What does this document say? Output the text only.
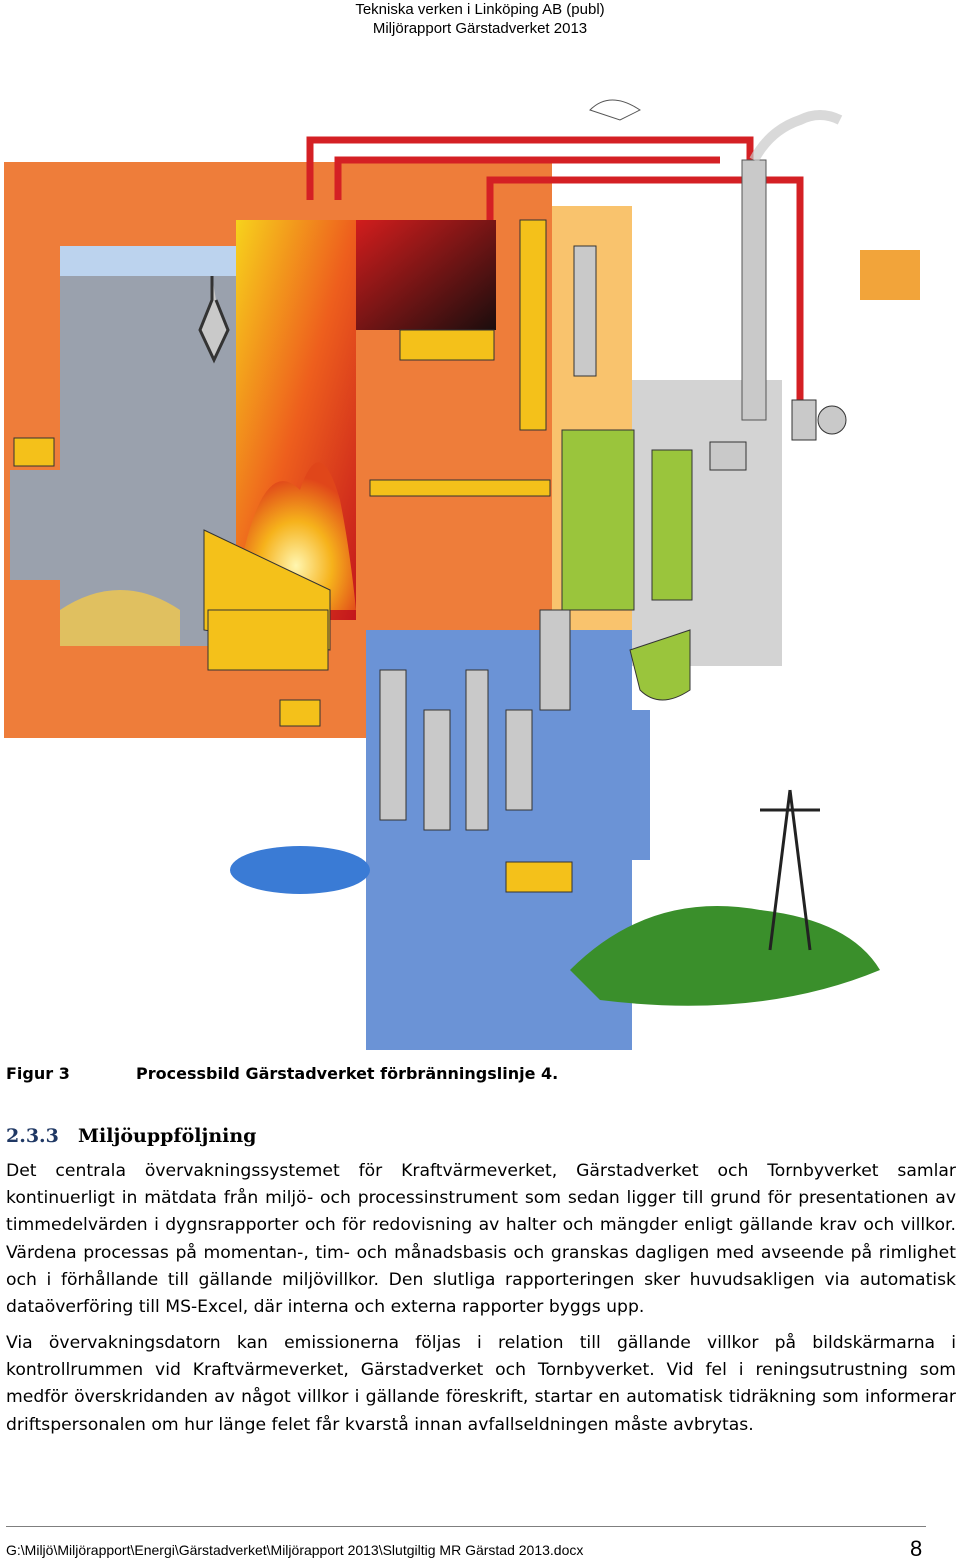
Tekniska verken i Linköping AB (publ)
Miljörapport Gärstadverket 2013
Figur 3	Processbild Gärstadverket förbränningslinje 4.
2.3.3 Miljöuppföljning
Det centrala övervakningssystemet för Kraftvärmeverket, Gärstadverket och Tornbyverket samlar kontinuerligt in mätdata från miljö- och processinstrument som sedan ligger till grund för presentationen av timmedelvärden i dygnsrapporter och för redovisning av halter och mängder enligt gällande krav och villkor. Värdena processas på momentan-, tim- och månadsbasis och granskas dagligen med avseende på rimlighet och i förhållande till gällande miljövillkor. Den slutliga rapporteringen sker huvudsakligen via automatisk dataöverföring till MS-Excel, där interna och externa rapporter byggs upp.
Via övervakningsdatorn kan emissionerna följas i relation till gällande villkor på bildskärmarna i kontrollrummen vid Kraftvärmeverket, Gärstadverket och Tornbyverket. Vid fel i reningsutrustning som medför överskridanden av något villkor i gällande föreskrift, startar en automatisk tidräkning som informerar driftspersonalen om hur länge felet får kvarstå innan avfallseldningen måste avbrytas.
G:\Miljö\Miljörapport\Energi\Gärstadverket\Miljörapport 2013\Slutgiltig MR Gärstad 2013.docx	8
